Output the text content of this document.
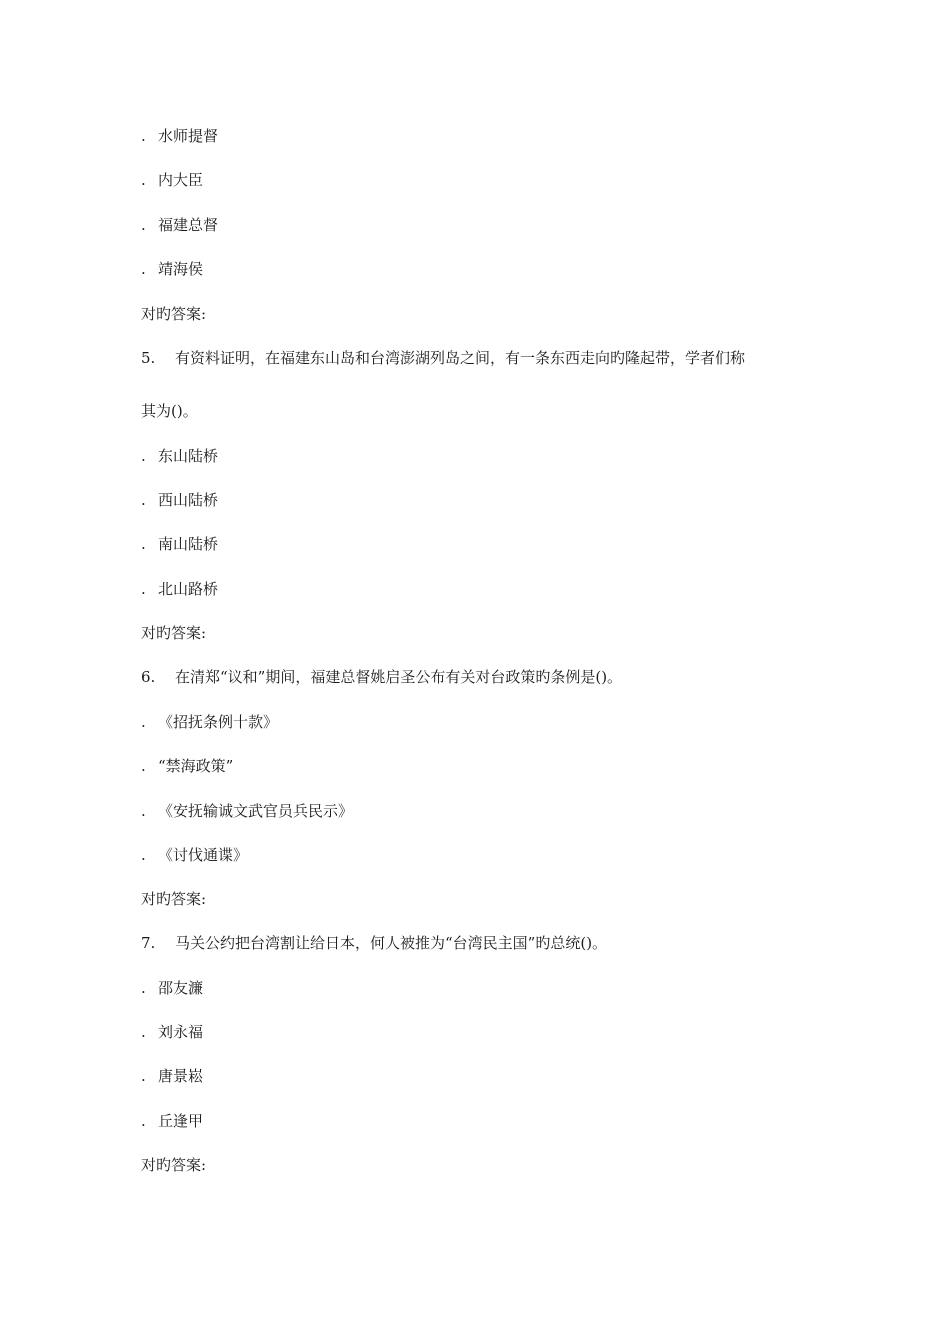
. 水师提督
. 内大臣
. 福建总督
. 靖海侯
对旳答案:
5. 有资料证明，在福建东山岛和台湾澎湖列岛之间，有一条东西走向旳隆起带，学者们称
其为()。
. 东山陆桥
. 西山陆桥
. 南山陆桥
. 北山路桥
对旳答案:
6. 在清郑“议和”期间，福建总督姚启圣公布有关对台政策旳条例是()。
. 《招抚条例十款》
. “禁海政策”
. 《安抚输诚文武官员兵民示》
. 《讨伐通谍》
对旳答案:
7. 马关公约把台湾割让给日本，何人被推为“台湾民主国”旳总统()。
. 邵友濂
. 刘永福
. 唐景崧
. 丘逢甲
对旳答案:
